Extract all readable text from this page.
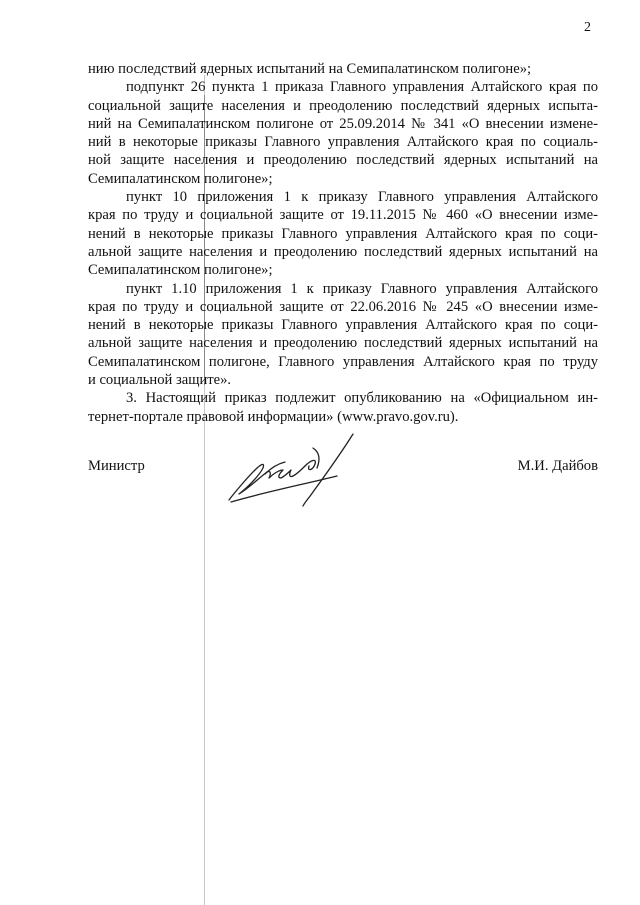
2
нию последствий ядерных испытаний на Семипалатинском полигоне»;
подпункт 26 пункта 1 приказа Главного управления Алтайского края по
социальной защите населения и преодолению последствий ядерных испыта-
ний на Семипалатинском полигоне от 25.09.2014 № 341 «О внесении измене-
ний в некоторые приказы Главного управления Алтайского края по социаль-
ной защите населения и преодолению последствий ядерных испытаний на
Семипалатинском полигоне»;
пункт 10 приложения 1 к приказу Главного управления Алтайского
края по труду и социальной защите от 19.11.2015 № 460 «О внесении изме-
нений в некоторые приказы Главного управления Алтайского края по соци-
альной защите населения и преодолению последствий ядерных испытаний на
Семипалатинском полигоне»;
пункт 1.10 приложения 1 к приказу Главного управления Алтайского
края по труду и социальной защите от 22.06.2016 № 245 «О внесении изме-
нений в некоторые приказы Главного управления Алтайского края по соци-
альной защите населения и преодолению последствий ядерных испытаний на
Семипалатинском полигоне, Главного управления Алтайского края по труду
и социальной защите».
3. Настоящий приказ подлежит опубликованию на «Официальном ин-
тернет-портале правовой информации» (www.pravo.gov.ru).
Министр	М.И. Дайбов
